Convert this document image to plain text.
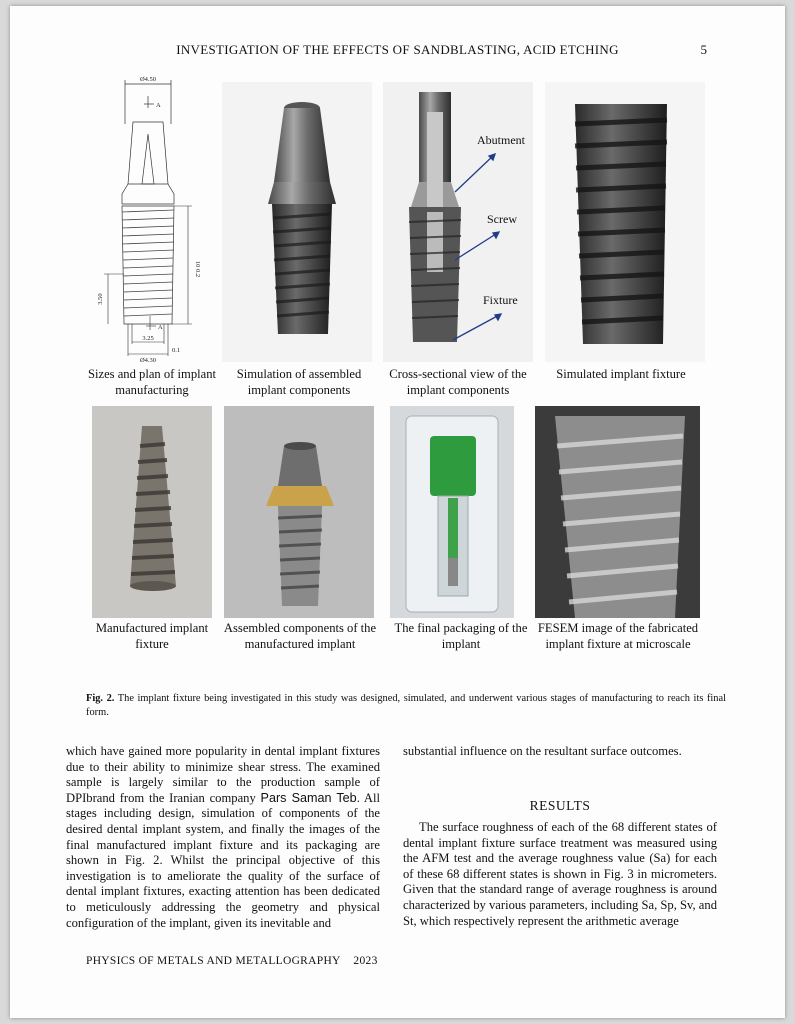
INVESTIGATION OF THE EFFECTS OF SANDBLASTING, ACID ETCHING	5
Ø4.50
A
A
10 0.2
3.50
3.25
Ø4.30
0.1
Abutment
Screw
Fixture
Sizes and plan of implant manufacturing
Simulation of assembled implant components
Cross-sectional view of the implant components
Simulated implant fixture
Manufactured implant fixture
Assembled components of the manufactured implant
The final packaging of the implant
FESEM image of the fabricated implant fixture at microscale
Fig. 2. The implant fixture being investigated in this study was designed, simulated, and underwent various stages of manufacturing to reach its final form.

which have gained more popularity in dental implant fixtures due to their ability to minimize shear stress. The examined sample is largely similar to the production sample of DPIbrand from the Iranian company Pars Saman Teb. All stages including design, simulation of components of the desired dental implant system, and finally the images of the final manufactured implant fixture and its packaging are shown in Fig. 2. Whilst the principal objective of this investigation is to ameliorate the quality of the surface of dental implant fixtures, exacting attention has been dedicated to meticulously addressing the geometry and physical configuration of the implant, given its inevitable and

substantial influence on the resultant surface outcomes.

RESULTS

The surface roughness of each of the 68 different states of dental implant fixture surface treatment was measured using the AFM test and the average roughness value (Sa) for each of these 68 different states is shown in Fig. 3 in micrometers. Given that the standard range of average roughness is around characterized by various parameters, including Sa, Sp, Sv, and St, which respectively represent the arithmetic average

PHYSICS OF METALS AND METALLOGRAPHY 2023
